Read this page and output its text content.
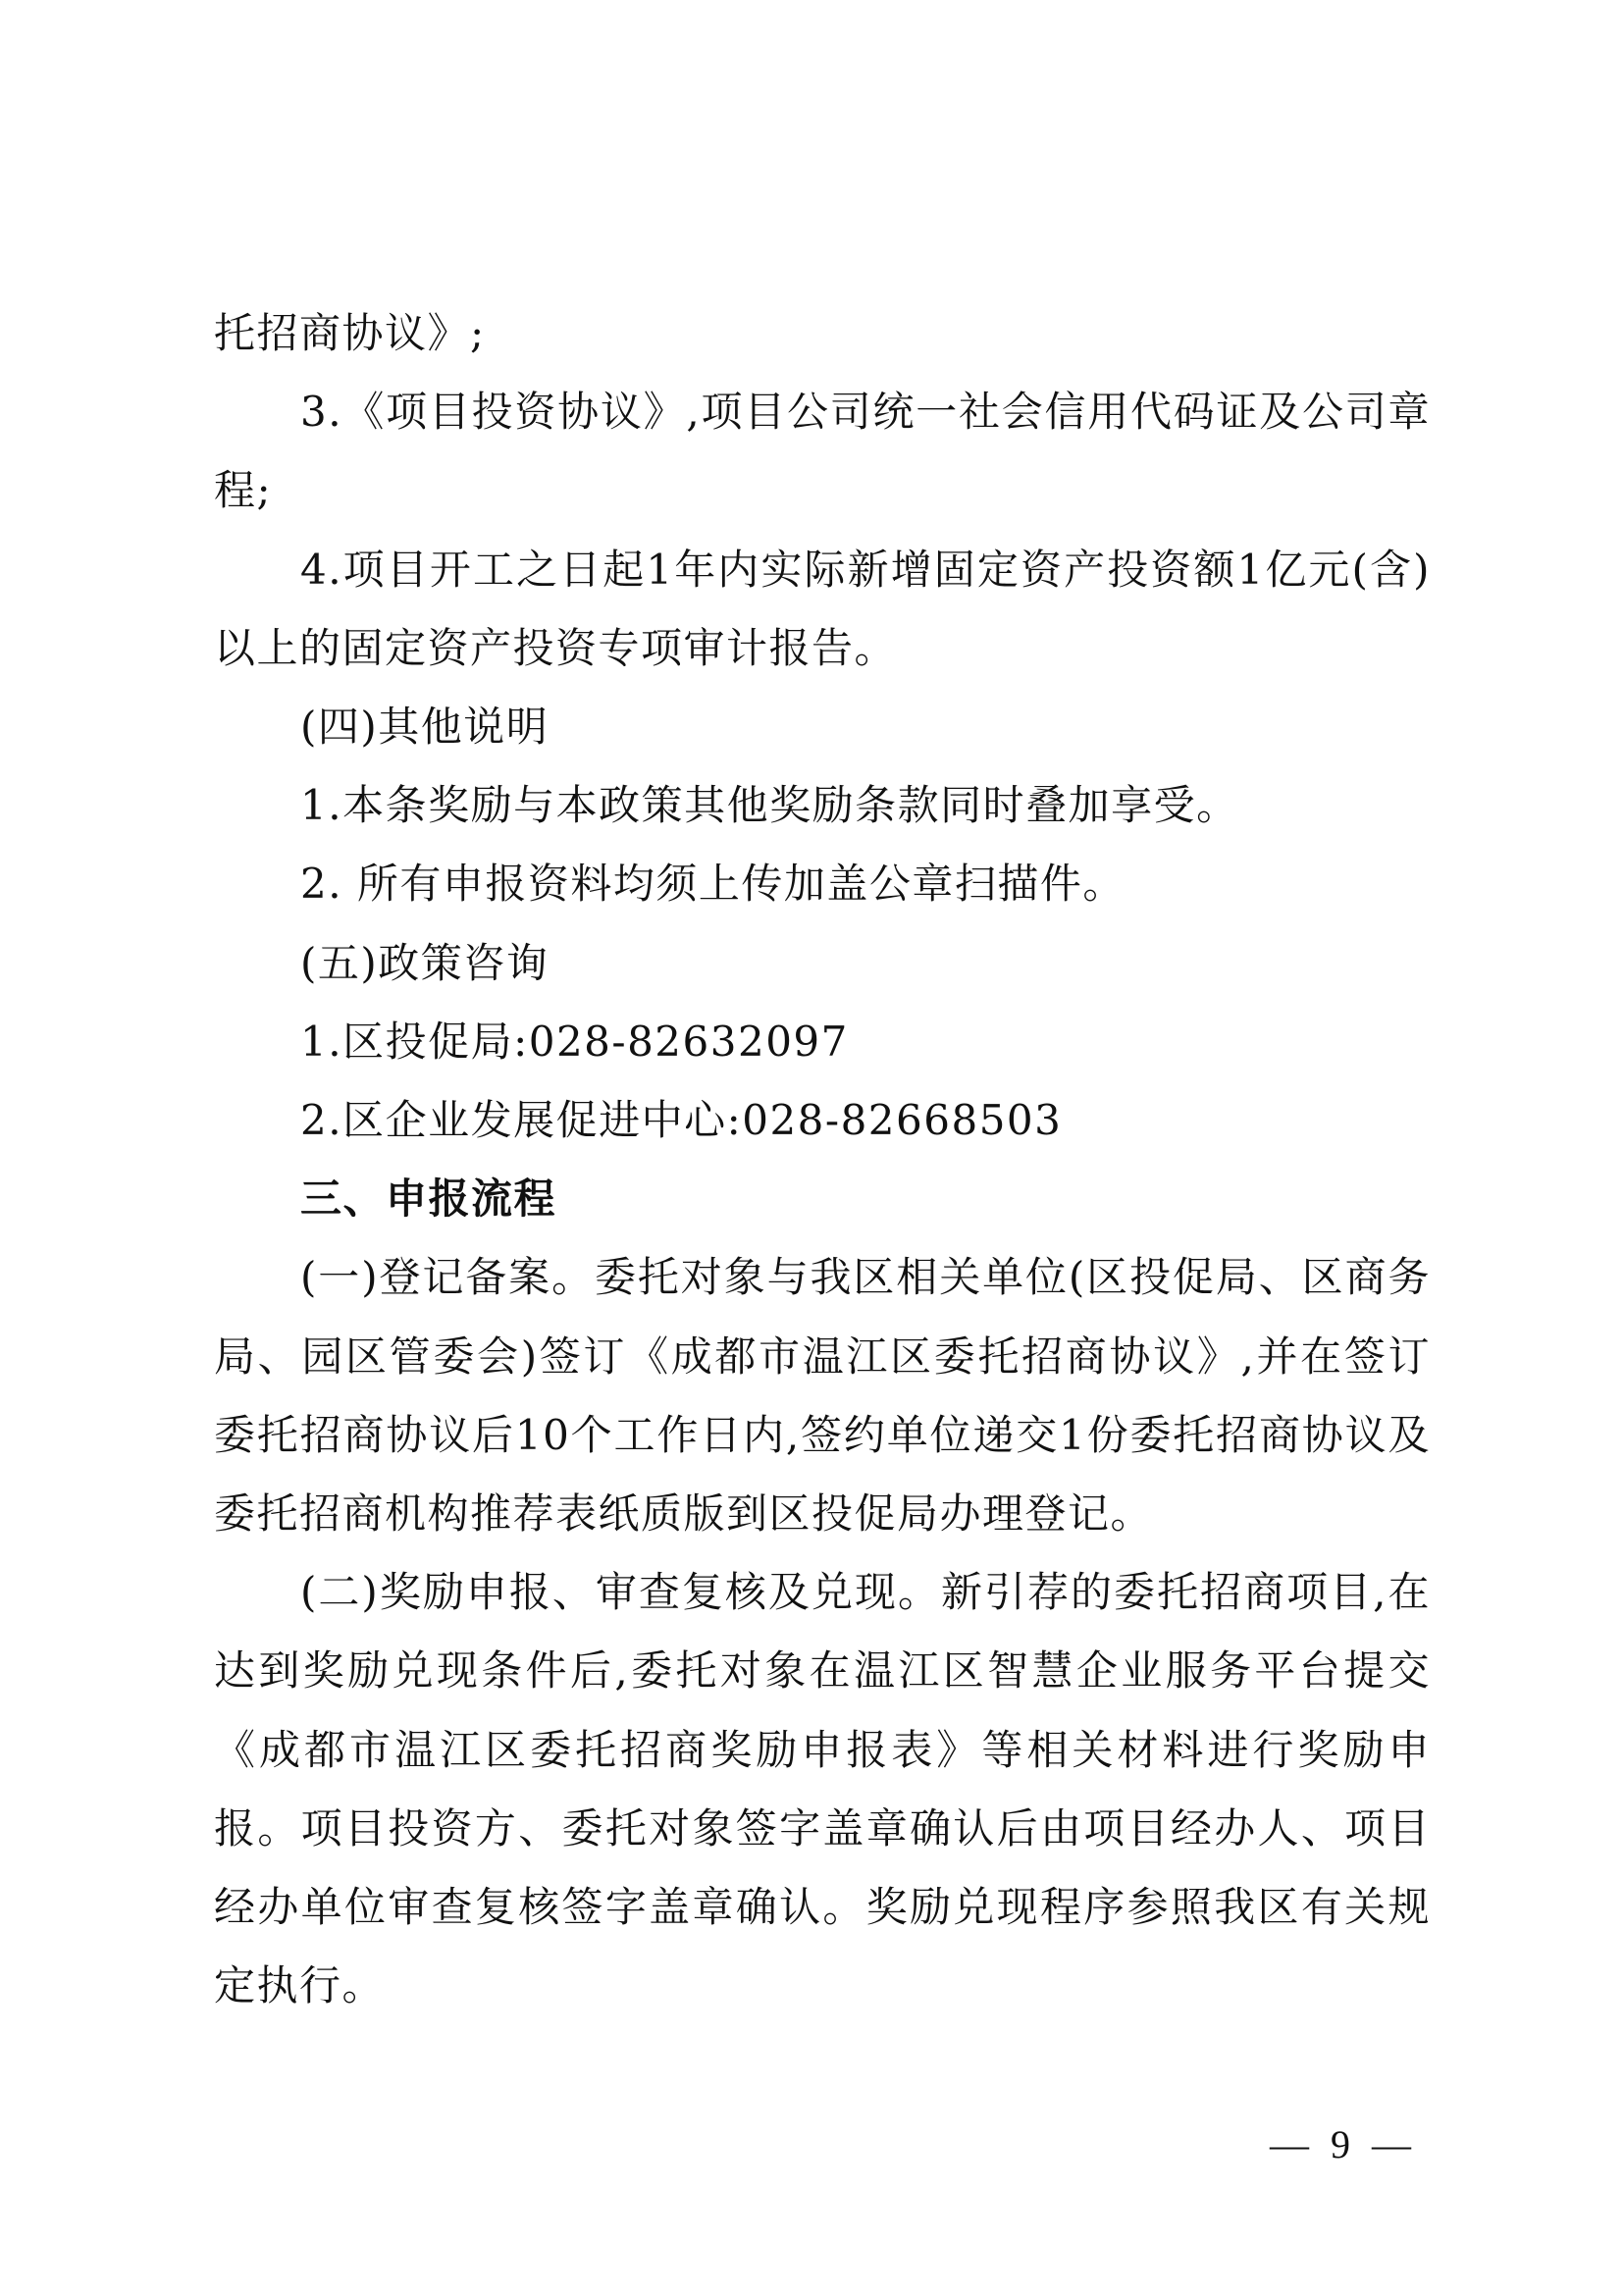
托招商协议》;

3.《项目投资协议》,项目公司统一社会信用代码证及公司章程;

4.项目开工之日起1年内实际新增固定资产投资额1亿元(含)以上的固定资产投资专项审计报告。

(四)其他说明

1.本条奖励与本政策其他奖励条款同时叠加享受。

2. 所有申报资料均须上传加盖公章扫描件。

(五)政策咨询

1.区投促局:028-82632097

2.区企业发展促进中心:028-82668503

三、申报流程

(一)登记备案。委托对象与我区相关单位(区投促局、区商务局、园区管委会)签订《成都市温江区委托招商协议》,并在签订委托招商协议后10个工作日内,签约单位递交1份委托招商协议及委托招商机构推荐表纸质版到区投促局办理登记。

(二)奖励申报、审查复核及兑现。新引荐的委托招商项目,在达到奖励兑现条件后,委托对象在温江区智慧企业服务平台提交《成都市温江区委托招商奖励申报表》等相关材料进行奖励申报。项目投资方、委托对象签字盖章确认后由项目经办人、项目经办单位审查复核签字盖章确认。奖励兑现程序参照我区有关规定执行。

— 9 —
